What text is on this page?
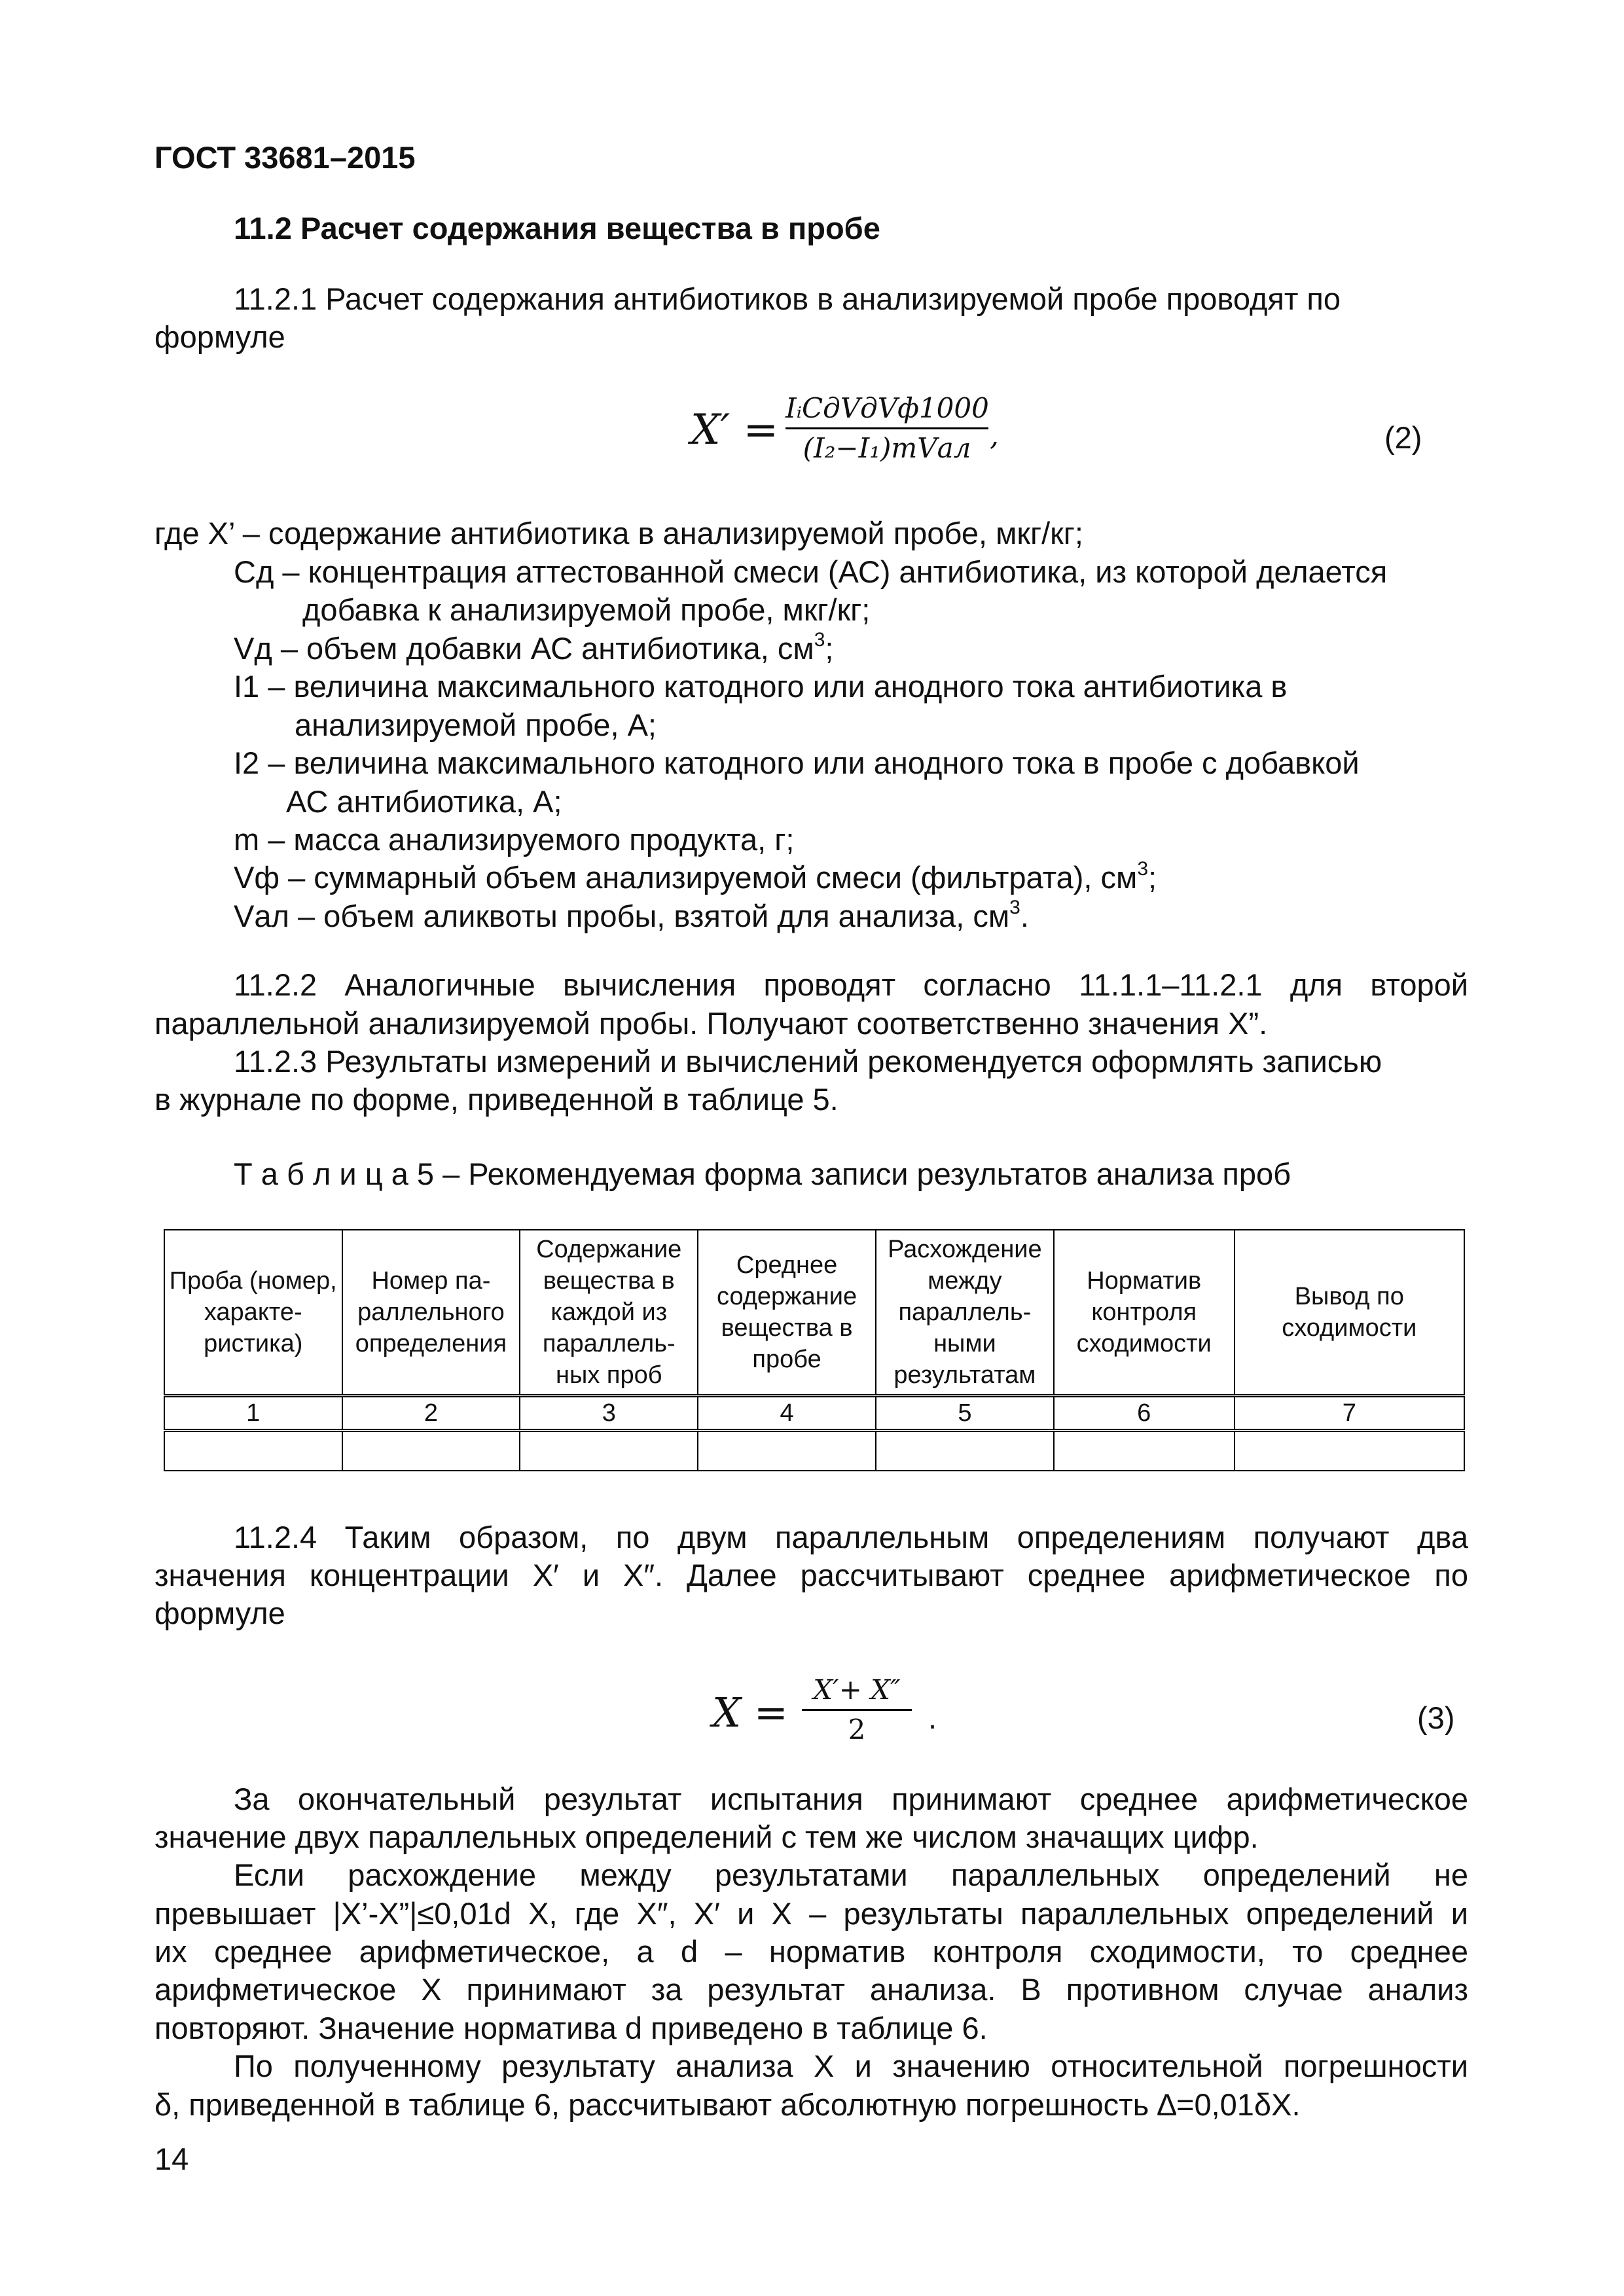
ГОСТ 33681–2015
11.2 Расчет содержания вещества в пробе
11.2.1 Расчет содержания антибиотиков в анализируемой пробе проводят по
формуле
X′ = IᵢCдVдVф1000
(I₂−I₁)mVал ,	(2)
где X’ – содержание антибиотика в анализируемой пробе, мкг/кг;
Cд – концентрация аттестованной смеси (АС) антибиотика, из которой делается
добавка к анализируемой пробе, мкг/кг;
Vд – объем добавки АС антибиотика, $см^3$;
I1 – величина максимального катодного или анодного тока антибиотика в
анализируемой пробе, А;
I2 – величина максимального катодного или анодного тока в пробе с добавкой
АС антибиотика, А;
m – масса анализируемого продукта, г;
Vф – суммарный объем анализируемой смеси (фильтрата), $см^3$;
Vал – объем аликвоты пробы, взятой для анализа, $см^3$.
11.2.2 Аналогичные вычисления проводят согласно 11.1.1–11.2.1 для второй
параллельной анализируемой пробы. Получают соответственно значения X”.
11.2.3 Результаты измерений и вычислений рекомендуется оформлять записью
в журнале по форме, приведенной в таблице 5.
Т а б л и ц а 5 – Рекомендуемая форма записи результатов анализа проб
Проба (номер, характе-ристика)	Номер па-раллельного определения	Содержание вещества в каждой из параллель-ных проб	Среднее содержание вещества в пробе	Расхождение между параллель-ными результатам	Норматив контроля сходимости	Вывод по сходимости
1	2	3	4	5	6	7

11.2.4 Таким образом, по двум параллельным определениям получают два
значения концентрации X′ и X″. Далее рассчитывают среднее арифметическое по
формуле
X = X′+ X″
2	.	(3)
За окончательный результат испытания принимают среднее арифметическое
значение двух параллельных определений с тем же числом значащих цифр.
Если расхождение между результатами параллельных определений не
превышает |X’-X”|≤0,01d X, где X″, X′ и X – результаты параллельных определений и
их среднее арифметическое, а d – норматив контроля сходимости, то среднее
арифметическое X принимают за результат анализа. В противном случае анализ
повторяют. Значение норматива d приведено в таблице 6.
По полученному результату анализа X и значению относительной погрешности
δ, приведенной в таблице 6, рассчитывают абсолютную погрешность ∆=0,01δX.
14
